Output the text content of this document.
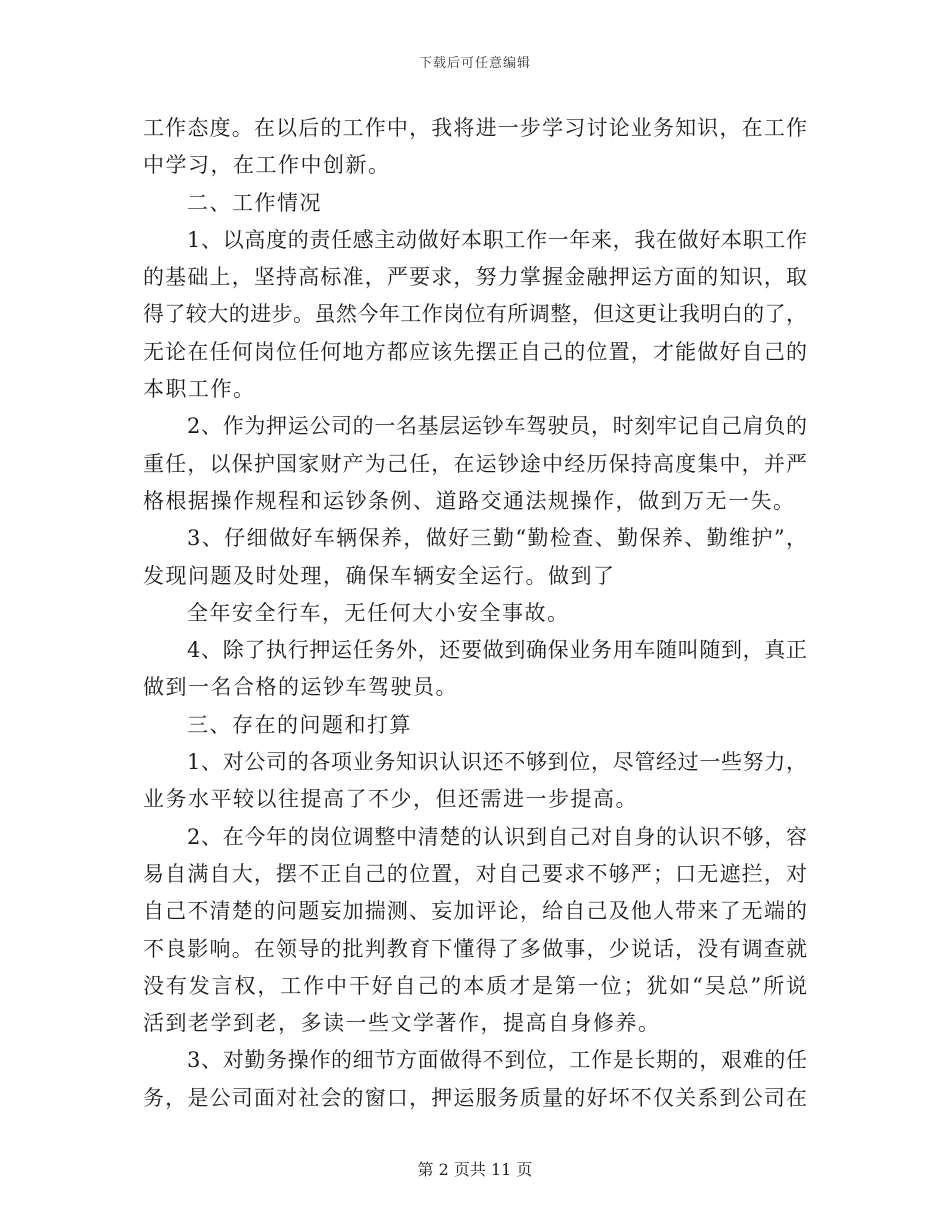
下载后可任意编辑

工作态度。在以后的工作中，我将进一步学习讨论业务知识，在工作

中学习，在工作中创新。

二、工作情况

1、以高度的责任感主动做好本职工作一年来，我在做好本职工作

的基础上，坚持高标准，严要求，努力掌握金融押运方面的知识，取

得了较大的进步。虽然今年工作岗位有所调整，但这更让我明白的了，

无论在任何岗位任何地方都应该先摆正自己的位置，才能做好自己的

本职工作。

2、作为押运公司的一名基层运钞车驾驶员，时刻牢记自己肩负的

重任，以保护国家财产为己任，在运钞途中经历保持高度集中，并严

格根据操作规程和运钞条例、道路交通法规操作，做到万无一失。

3、仔细做好车辆保养，做好三勤“勤检查、勤保养、勤维护”，

发现问题及时处理，确保车辆安全运行。做到了

全年安全行车，无任何大小安全事故。

4、除了执行押运任务外，还要做到确保业务用车随叫随到，真正

做到一名合格的运钞车驾驶员。

三、存在的问题和打算

1、对公司的各项业务知识认识还不够到位，尽管经过一些努力，

业务水平较以往提高了不少，但还需进一步提高。

2、在今年的岗位调整中清楚的认识到自己对自身的认识不够，容

易自满自大，摆不正自己的位置，对自己要求不够严；口无遮拦，对

自己不清楚的问题妄加揣测、妄加评论，给自己及他人带来了无端的

不良影响。在领导的批判教育下懂得了多做事，少说话，没有调查就

没有发言权，工作中干好自己的本质才是第一位；犹如“吴总”所说

活到老学到老，多读一些文学著作，提高自身修养。

3、对勤务操作的细节方面做得不到位，工作是长期的，艰难的任

务，是公司面对社会的窗口，押运服务质量的好坏不仅关系到公司在

第 2 页共 11 页
